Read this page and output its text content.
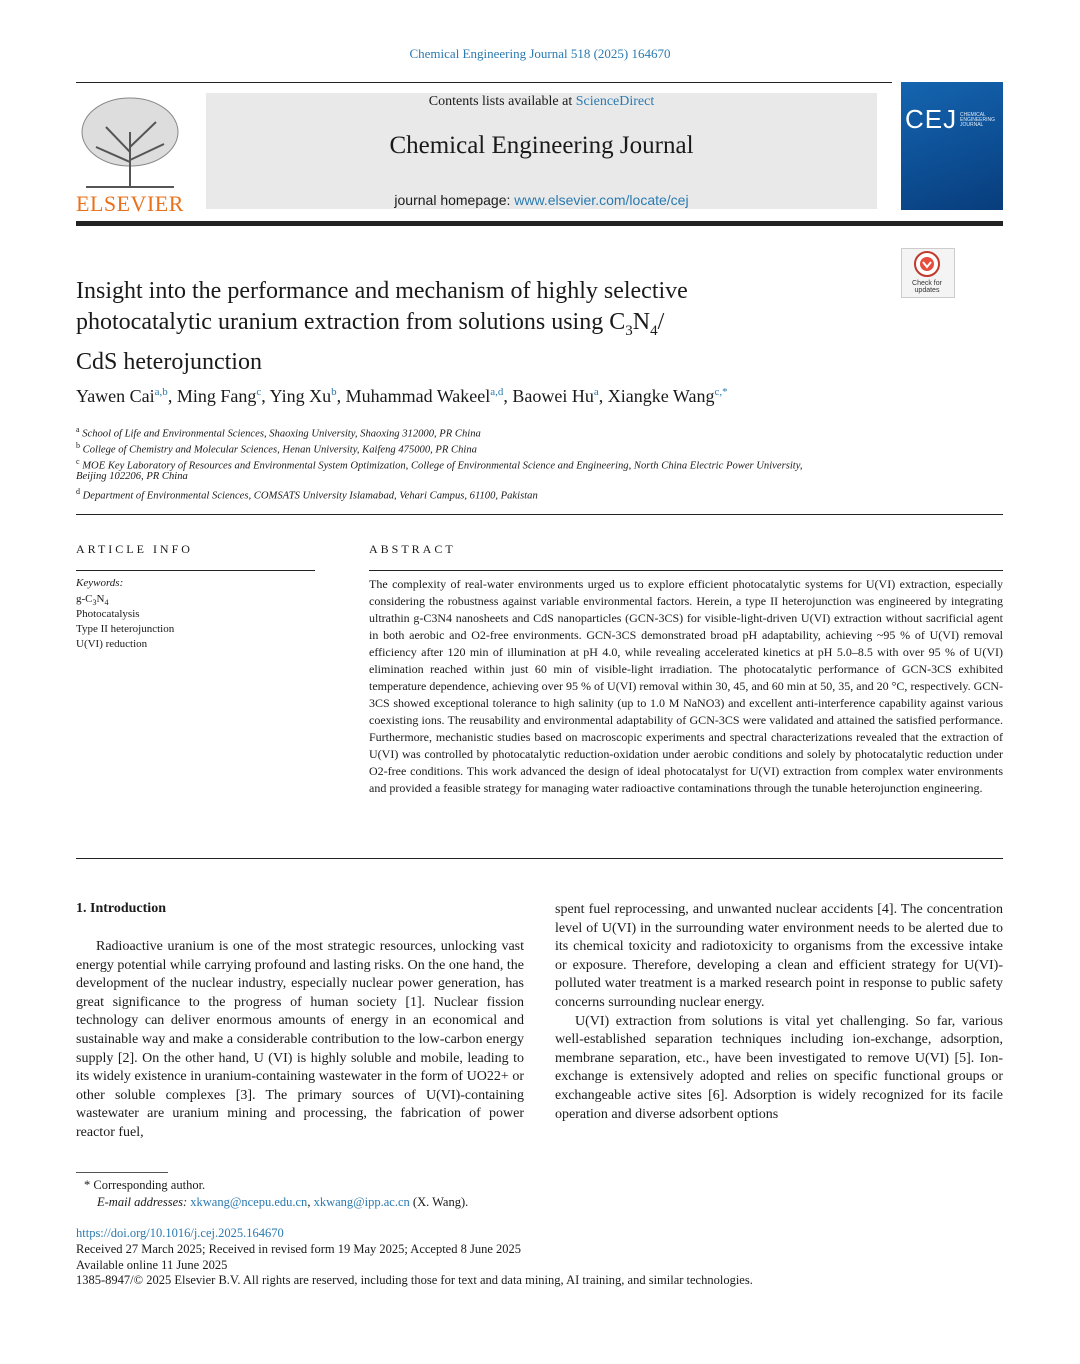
Chemical Engineering Journal 518 (2025) 164670
ELSEVIER
Contents lists available at ScienceDirect
Chemical Engineering Journal
journal homepage: www.elsevier.com/locate/cej
CEJ CHEMICAL ENGINEERING JOURNAL
Check for updates
Insight into the performance and mechanism of highly selective
photocatalytic uranium extraction from solutions using $C_3N_4/$
CdS heterojunction
Yawen Cai$^{a,b}$, Ming Fang$^c$, Ying Xu$^b$, Muhammad Wakeel$^{a,d}$, Baowei Hu$^a$, Xiangke Wang$^{c,*}$
$^a$ School of Life and Environmental Sciences, Shaoxing University, Shaoxing 312000, PR China
$^b$ College of Chemistry and Molecular Sciences, Henan University, Kaifeng 475000, PR China
$^c$ MOE Key Laboratory of Resources and Environmental System Optimization, College of Environmental Science and Engineering, North China Electric Power University,
Beijing 102206, PR China
$^d$ Department of Environmental Sciences, COMSATS University Islamabad, Vehari Campus, 61100, Pakistan
ARTICLE INFO
Keywords:
$g-C_3N_4$
Photocatalysis
Type II heterojunction
U(VI) reduction
ABSTRACT
The complexity of real-water environments urged us to explore efficient photocatalytic systems for U(VI) extraction, especially considering the robustness against variable environmental factors. Herein, a type II heterojunction was engineered by integrating ultrathin g-C3N4 nanosheets and CdS nanoparticles (GCN-3CS) for visible-light-driven U(VI) extraction without sacrificial agent in both aerobic and O2-free environments. GCN-3CS demonstrated broad pH adaptability, achieving ~95 % of U(VI) removal efficiency after 120 min of illumination at pH 4.0, while revealing accelerated kinetics at pH 5.0–8.5 with over 95 % of U(VI) elimination reached within just 60 min of visible-light irradiation. The photocatalytic performance of GCN-3CS exhibited temperature dependence, achieving over 95 % of U(VI) removal within 30, 45, and 60 min at 50, 35, and 20 °C, respectively. GCN-3CS showed exceptional tolerance to high salinity (up to 1.0 M NaNO3) and excellent anti-interference capability against various coexisting ions. The reusability and environmental adaptability of GCN-3CS were validated and attained the satisfied performance. Furthermore, mechanistic studies based on macroscopic experiments and spectral characterizations revealed that the extraction of U(VI) was controlled by photocatalytic reduction-oxidation under aerobic conditions and solely by photocatalytic reduction under O2-free conditions. This work advanced the design of ideal photocatalyst for U(VI) extraction from complex water environments and provided a feasible strategy for managing water radioactive contaminations through the tunable heterojunction engineering.
1. Introduction

Radioactive uranium is one of the most strategic resources, unlocking vast energy potential while carrying profound and lasting risks. On the one hand, the development of the nuclear industry, especially nuclear power generation, has great significance to the progress of human society [1]. Nuclear fission technology can deliver enormous amounts of energy in an economical and sustainable way and make a considerable contribution to the low-carbon energy supply [2]. On the other hand, U (VI) is highly soluble and mobile, leading to its widely existence in uranium-containing wastewater in the form of UO22+ or other soluble complexes [3]. The primary sources of U(VI)-containing wastewater are uranium mining and processing, the fabrication of power reactor fuel,

spent fuel reprocessing, and unwanted nuclear accidents [4]. The concentration level of U(VI) in the surrounding water environment needs to be alerted due to its chemical toxicity and radiotoxicity to organisms from the excessive intake or exposure. Therefore, developing a clean and efficient strategy for U(VI)-polluted water treatment is a marked research point in response to public safety concerns surrounding nuclear energy.

U(VI) extraction from solutions is vital yet challenging. So far, various well-established separation techniques including ion-exchange, adsorption, membrane separation, etc., have been investigated to remove U(VI) [5]. Ion-exchange is extensively adopted and relies on specific functional groups or exchangeable active sites [6]. Adsorption is widely recognized for its facile operation and diverse adsorbent options

* Corresponding author.
E-mail addresses: xkwang@ncepu.edu.cn, xkwang@ipp.ac.cn (X. Wang).
https://doi.org/10.1016/j.cej.2025.164670
Received 27 March 2025; Received in revised form 19 May 2025; Accepted 8 June 2025
Available online 11 June 2025
1385-8947/© 2025 Elsevier B.V. All rights are reserved, including those for text and data mining, AI training, and similar technologies.
